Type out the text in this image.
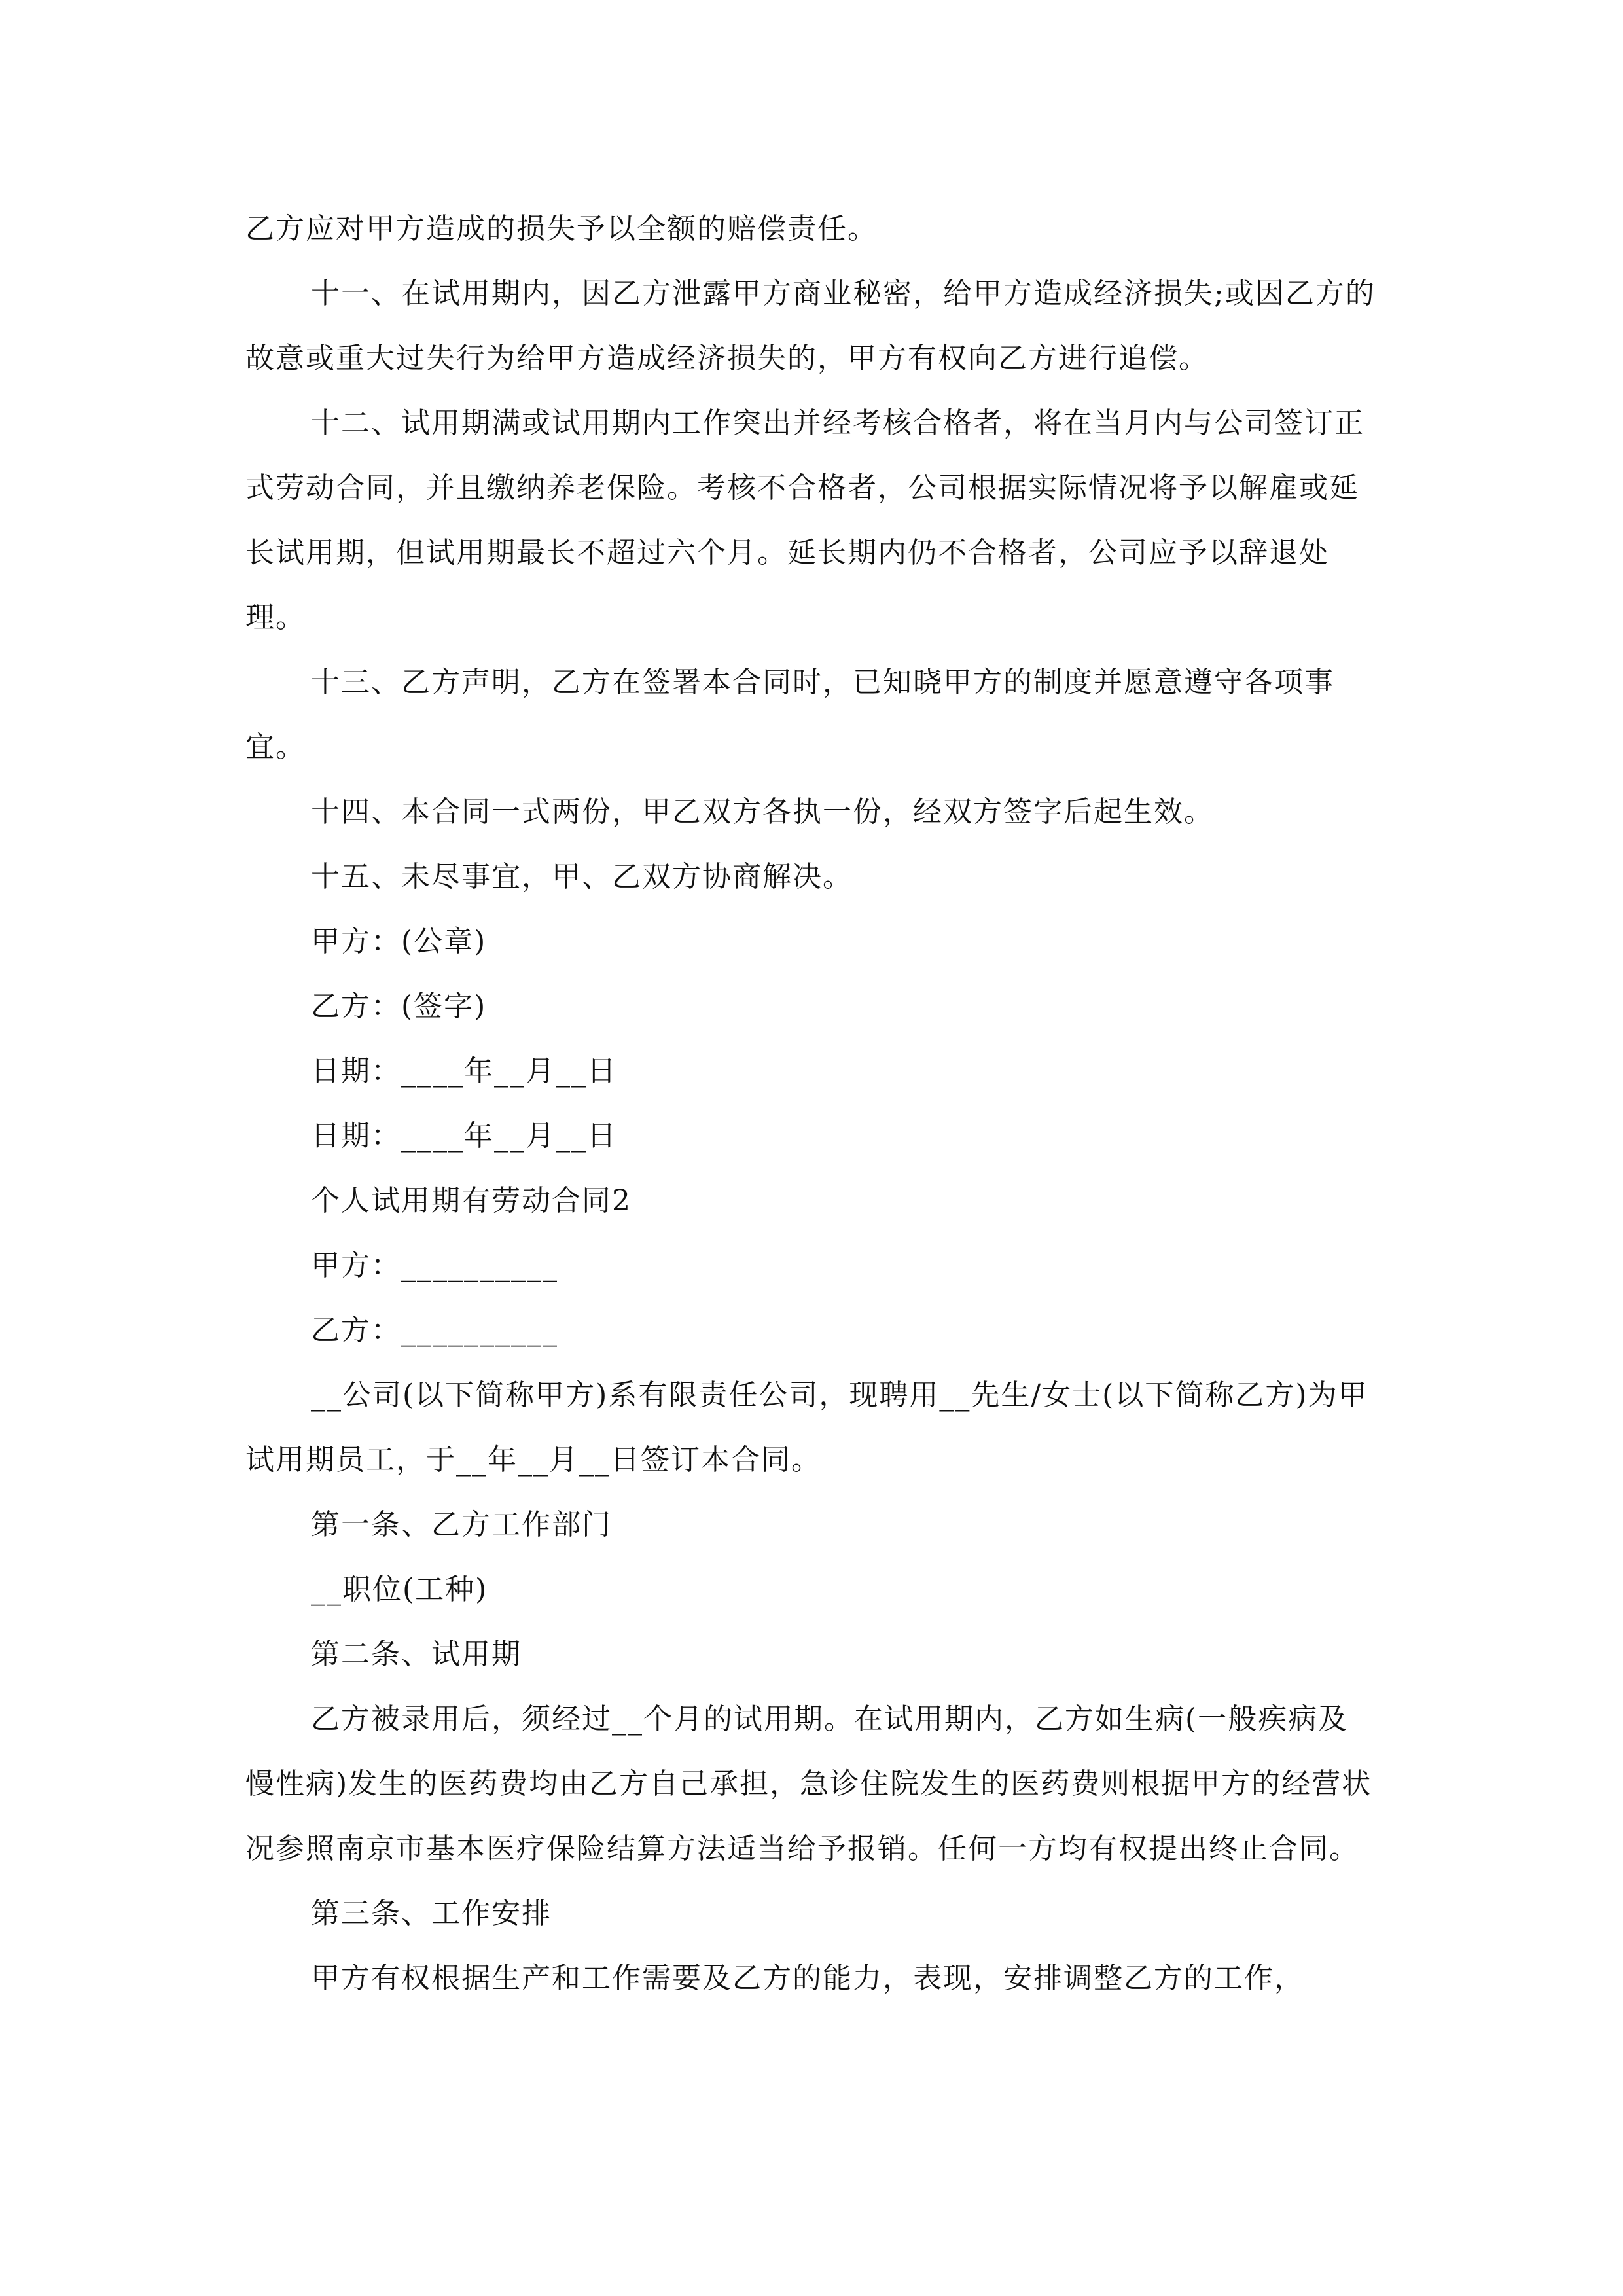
乙方应对甲方造成的损失予以全额的赔偿责任。

十一、在试用期内，因乙方泄露甲方商业秘密，给甲方造成经济损失;或因乙方的故意或重大过失行为给甲方造成经济损失的，甲方有权向乙方进行追偿。

十二、试用期满或试用期内工作突出并经考核合格者，将在当月内与公司签订正式劳动合同，并且缴纳养老保险。考核不合格者，公司根据实际情况将予以解雇或延长试用期，但试用期最长不超过六个月。延长期内仍不合格者，公司应予以辞退处理。

十三、乙方声明，乙方在签署本合同时，已知晓甲方的制度并愿意遵守各项事宜。

十四、本合同一式两份，甲乙双方各执一份，经双方签字后起生效。

十五、未尽事宜，甲、乙双方协商解决。

甲方：(公章)

乙方：(签字)

日期：____年__月__日

日期：____年__月__日

个人试用期有劳动合同2

甲方：__________

乙方：__________

__公司(以下简称甲方)系有限责任公司，现聘用__先生/女士(以下简称乙方)为甲试用期员工，于__年__月__日签订本合同。

第一条、乙方工作部门

__职位(工种)

第二条、试用期

乙方被录用后，须经过__个月的试用期。在试用期内，乙方如生病(一般疾病及慢性病)发生的医药费均由乙方自己承担，急诊住院发生的医药费则根据甲方的经营状况参照南京市基本医疗保险结算方法适当给予报销。任何一方均有权提出终止合同。

第三条、工作安排

甲方有权根据生产和工作需要及乙方的能力，表现，安排调整乙方的工作，
